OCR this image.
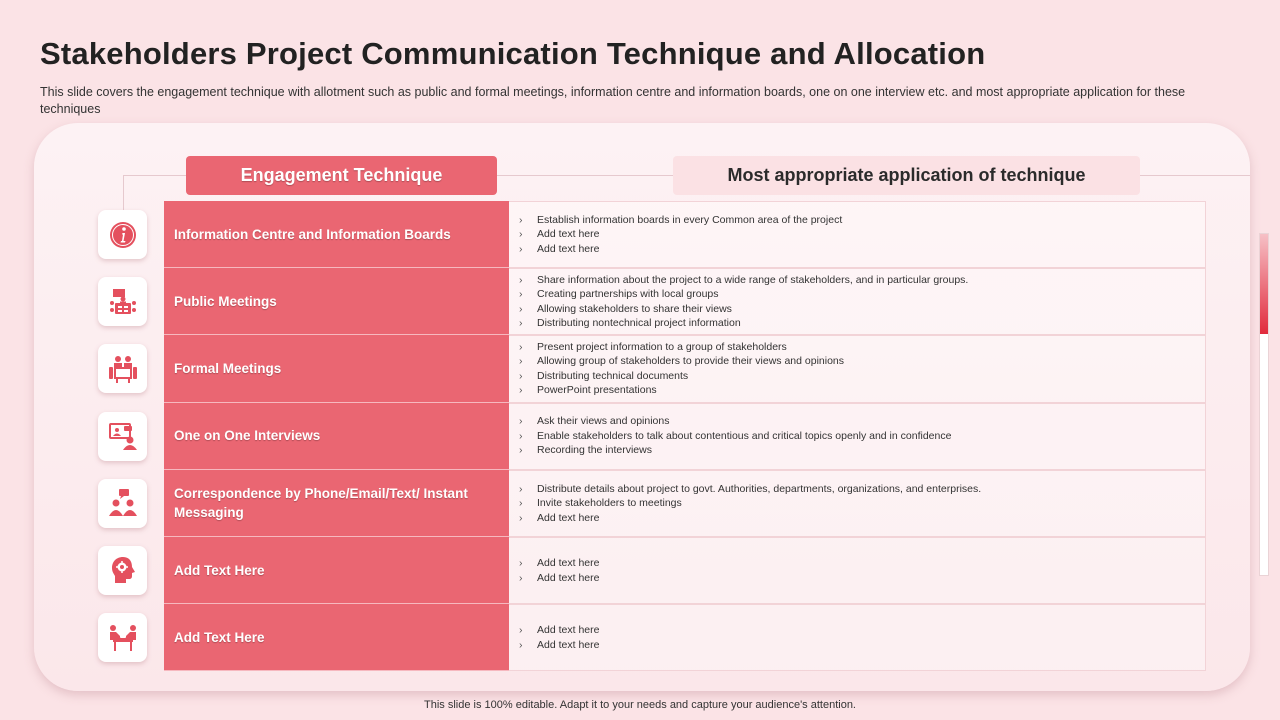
Stakeholders Project Communication Technique and Allocation
This slide covers the engagement technique with allotment such as public and formal meetings, information centre and information boards, one on one interview etc. and most appropriate application for these techniques
Engagement Technique	Most appropriate application of technique
Information Centre and Information Boards
› Establish information boards in every Common area of the project
› Add text here
› Add text here
Public Meetings
› Share information about the project to a wide range of stakeholders, and in particular groups.
› Creating partnerships with local groups
› Allowing stakeholders to share their views
› Distributing nontechnical project information
Formal Meetings
› Present project information to a group of stakeholders
› Allowing group of stakeholders to provide their views and opinions
› Distributing technical documents
› PowerPoint presentations
One on One Interviews
› Ask their views and opinions
› Enable stakeholders to talk about contentious and critical topics openly and in confidence
› Recording the interviews
Correspondence by Phone/Email/Text/ Instant Messaging
› Distribute details about project to govt. Authorities, departments, organizations, and enterprises.
› Invite stakeholders to meetings
› Add text here
Add Text Here	› Add text here
› Add text here
Add Text Here	› Add text here
› Add text here
This slide is 100% editable. Adapt it to your needs and capture your audience's attention.
